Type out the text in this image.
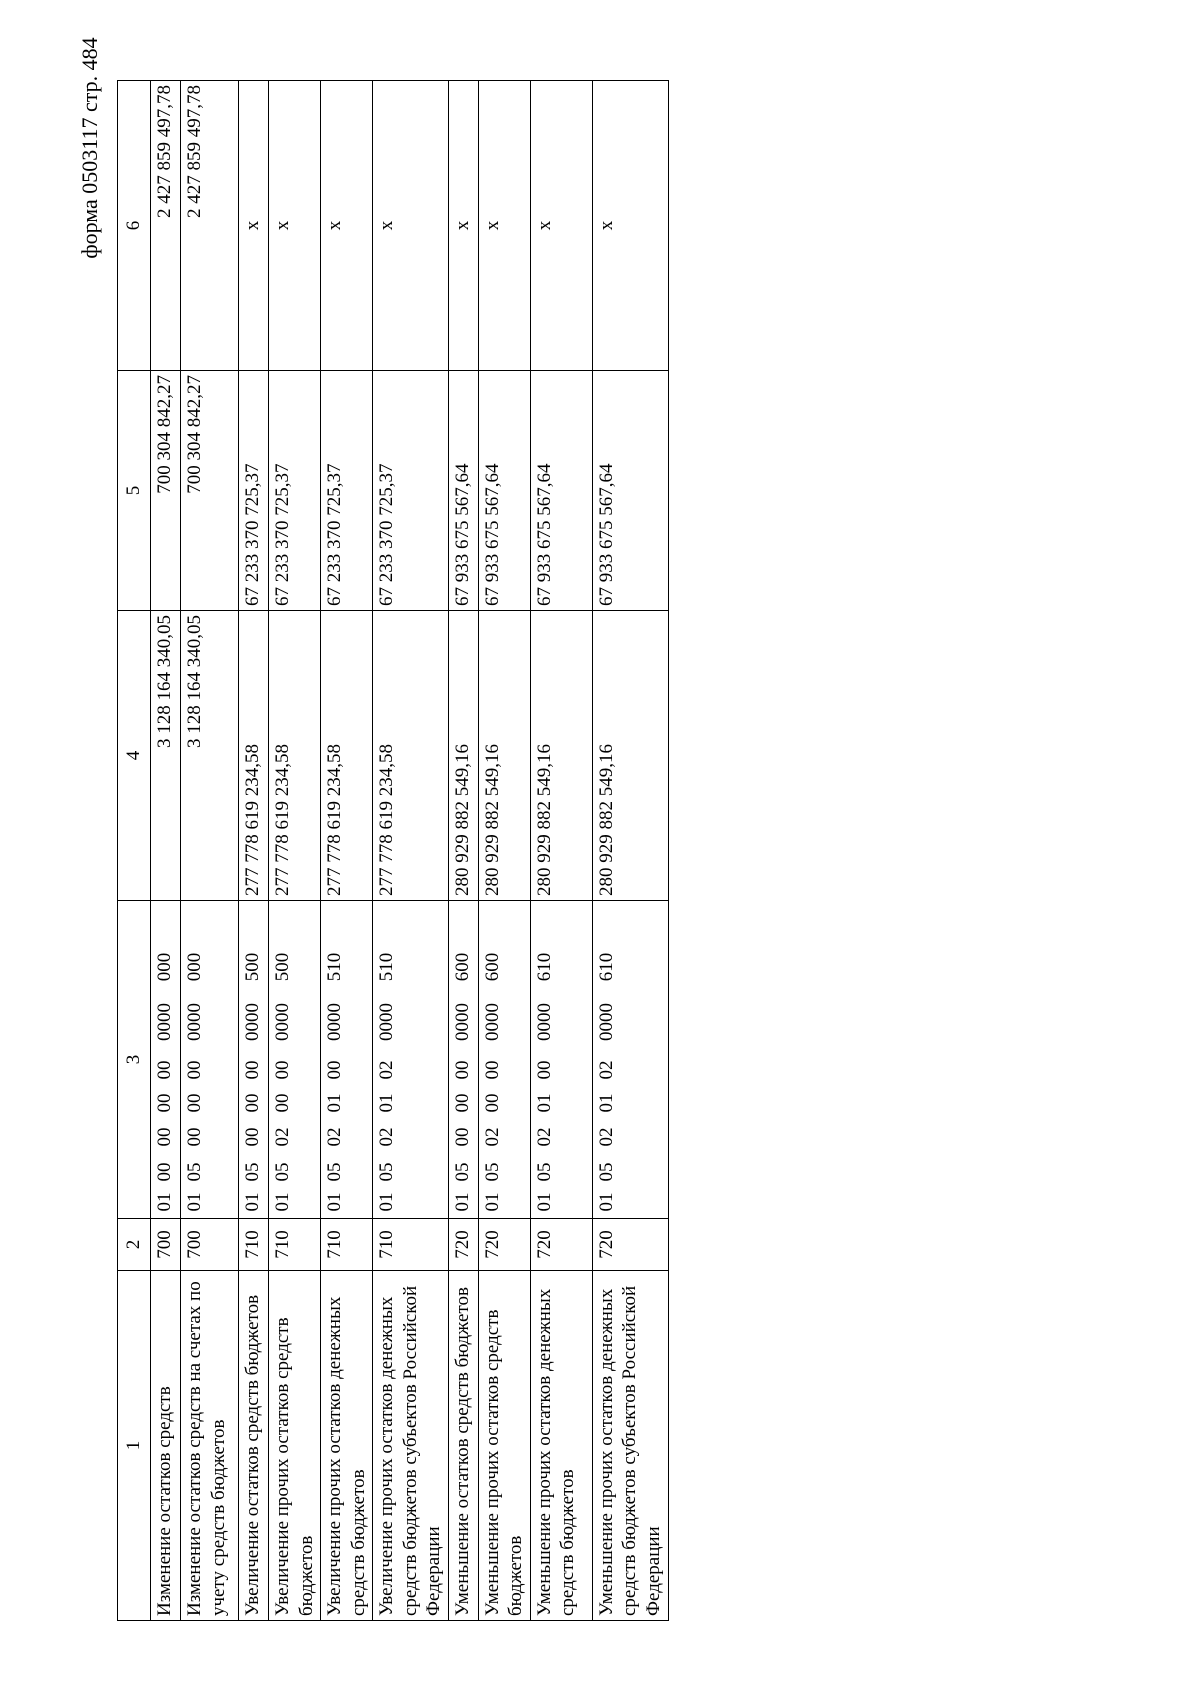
форма 0503117 стр. 484
1	2	3	4	5	6
Изменение остатков средств	700	01000000000000000	3 128 164 340,05	700 304 842,27	2 427 859 497,78
Изменение остатков средств на счетах по учету средств бюджетов	700	01050000000000000	3 128 164 340,05	700 304 842,27	2 427 859 497,78
Увеличение остатков средств бюджетов	710	01050000000000500	277 778 619 234,58	67 233 370 725,37	x
Увеличение прочих остатков средств бюджетов	710	01050200000000500	277 778 619 234,58	67 233 370 725,37	x
Увеличение прочих остатков денежных средств бюджетов	710	01050201000000510	277 778 619 234,58	67 233 370 725,37	x
Увеличение прочих остатков денежных средств бюджетов субъектов Российской Федерации	710	01050201020000510	277 778 619 234,58	67 233 370 725,37	x
Уменьшение остатков средств бюджетов	720	01050000000000600	280 929 882 549,16	67 933 675 567,64	x
Уменьшение прочих остатков средств бюджетов	720	01050200000000600	280 929 882 549,16	67 933 675 567,64	x
Уменьшение прочих остатков денежных средств бюджетов	720	01050201000000610	280 929 882 549,16	67 933 675 567,64	x
Уменьшение прочих остатков денежных средств бюджетов субъектов Российской Федерации	720	01050201020000610	280 929 882 549,16	67 933 675 567,64	x
